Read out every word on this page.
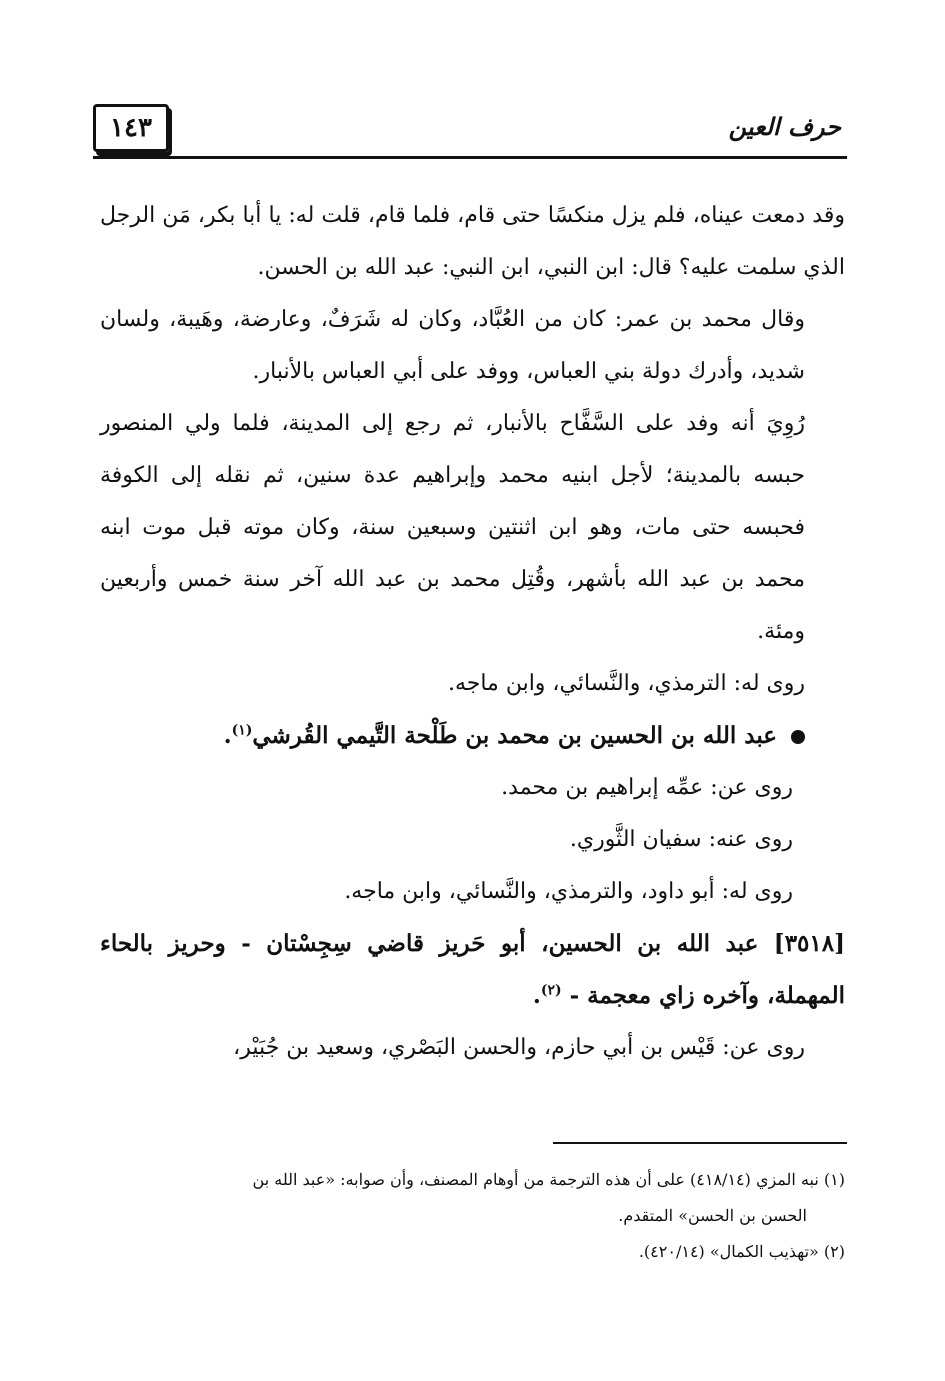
حرف العين
١٤٣

وقد دمعت عيناه، فلم يزل منكسًا حتى قام، فلما قام، قلت له: يا أبا بكر، مَن الرجل الذي سلمت عليه؟ قال: ابن النبي، ابن النبي: عبد الله بن الحسن.

وقال محمد بن عمر: كان من العُبَّاد، وكان له شَرَفٌ، وعارضة، وهَيبة، ولسان شديد، وأدرك دولة بني العباس، ووفد على أبي العباس بالأنبار.

رُوِيَ أنه وفد على السَّفَّاح بالأنبار، ثم رجع إلى المدينة، فلما ولي المنصور حبسه بالمدينة؛ لأجل ابنيه محمد وإبراهيم عدة سنين، ثم نقله إلى الكوفة فحبسه حتى مات، وهو ابن اثنتين وسبعين سنة، وكان موته قبل موت ابنه محمد بن عبد الله بأشهر، وقُتِل محمد بن عبد الله آخر سنة خمس وأربعين ومئة.

روى له: الترمذي، والنَّسائي، وابن ماجه.

عبد الله بن الحسين بن محمد بن طَلْحة التَّيمي القُرشي$^{(١)}$.

روى عن: عمِّه إبراهيم بن محمد.

روى عنه: سفيان الثَّوري.

روى له: أبو داود، والترمذي، والنَّسائي، وابن ماجه.

[٣٥١٨] عبد الله بن الحسين، أبو حَريز قاضي سِجِسْتان - وحريز بالحاء المهملة، وآخره زاي معجمة - $^{(٢)}$.

روى عن: قَيْس بن أبي حازم، والحسن البَصْري، وسعيد بن جُبَيْر،

(١) نبه المزي (٤١٨/١٤) على أن هذه الترجمة من أوهام المصنف، وأن صوابه: «عبد الله بن

الحسن بن الحسن» المتقدم.

(٢) «تهذيب الكمال» (٤٢٠/١٤).
